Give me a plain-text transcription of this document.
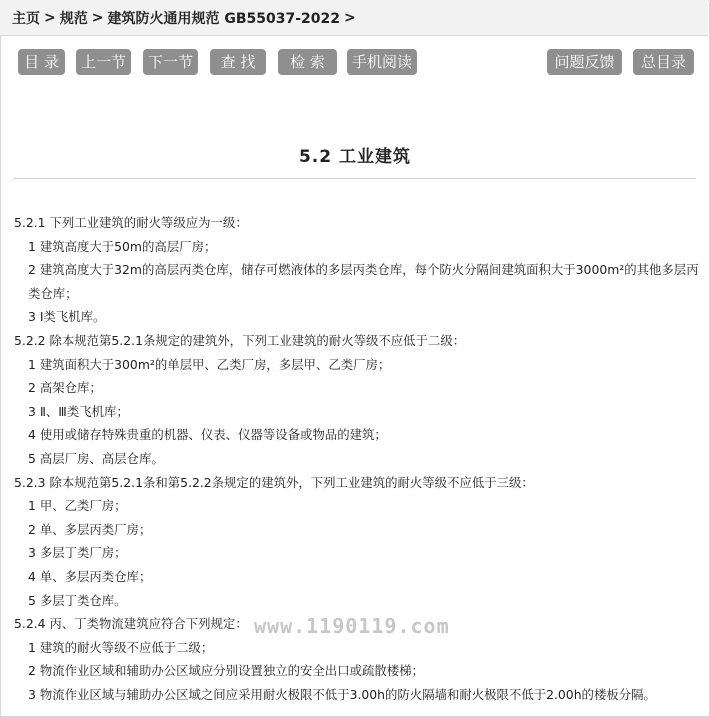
主页 > 规范 > 建筑防火通用规范 GB55037-2022 >
目 录	上一节	下一节	查 找	检 索	手机阅读	问题反馈	总目录
5.2 工业建筑

5.2.1 下列工业建筑的耐火等级应为一级：

1 建筑高度大于50m的高层厂房；

2 建筑高度大于32m的高层丙类仓库，储存可燃液体的多层丙类仓库，每个防火分隔间建筑面积大于3000m²的其他多层丙类仓库；

3 Ⅰ类飞机库。

5.2.2 除本规范第5.2.1条规定的建筑外，下列工业建筑的耐火等级不应低于二级：

1 建筑面积大于300m²的单层甲、乙类厂房，多层甲、乙类厂房；

2 高架仓库；

3 Ⅱ、Ⅲ类飞机库；

4 使用或储存特殊贵重的机器、仪表、仪器等设备或物品的建筑；

5 高层厂房、高层仓库。

5.2.3 除本规范第5.2.1条和第5.2.2条规定的建筑外，下列工业建筑的耐火等级不应低于三级：

1 甲、乙类厂房；

2 单、多层丙类厂房；

3 多层丁类厂房；

4 单、多层丙类仓库；

5 多层丁类仓库。

5.2.4 丙、丁类物流建筑应符合下列规定：

1 建筑的耐火等级不应低于二级；

2 物流作业区域和辅助办公区域应分别设置独立的安全出口或疏散楼梯；

3 物流作业区域与辅助办公区域之间应采用耐火极限不低于3.00h的防火隔墙和耐火极限不低于2.00h的楼板分隔。

www.1190119.com
